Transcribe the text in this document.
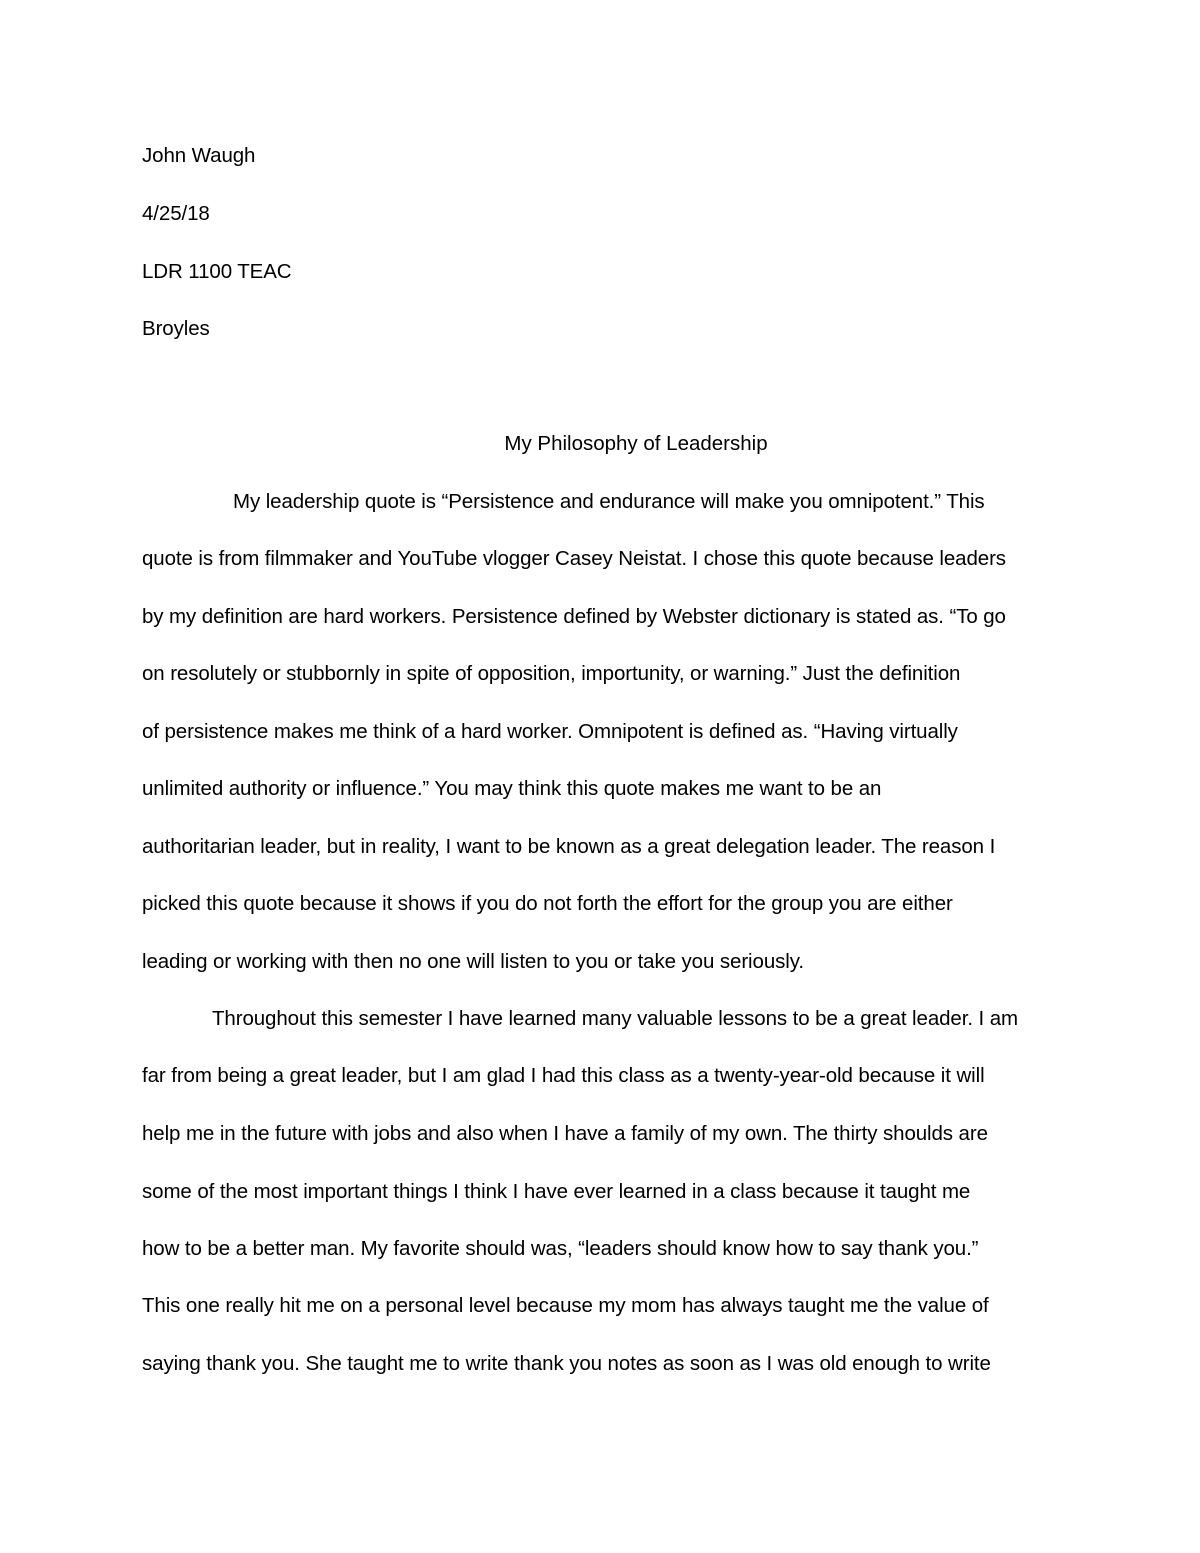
John Waugh
4/25/18
LDR 1100 TEAC
Broyles
My Philosophy of Leadership
My leadership quote is “Persistence and endurance will make you omnipotent.” This
quote is from filmmaker and YouTube vlogger Casey Neistat. I chose this quote because leaders
by my definition are hard workers. Persistence defined by Webster dictionary is stated as. “To go
on resolutely or stubbornly in spite of opposition, importunity, or warning.” Just the definition
of persistence makes me think of a hard worker. Omnipotent is defined as. “Having virtually
unlimited authority or influence.” You may think this quote makes me want to be an
authoritarian leader, but in reality, I want to be known as a great delegation leader. The reason I
picked this quote because it shows if you do not forth the effort for the group you are either
leading or working with then no one will listen to you or take you seriously.
Throughout this semester I have learned many valuable lessons to be a great leader. I am
far from being a great leader, but I am glad I had this class as a twenty-year-old because it will
help me in the future with jobs and also when I have a family of my own. The thirty shoulds are
some of the most important things I think I have ever learned in a class because it taught me
how to be a better man. My favorite should was, “leaders should know how to say thank you.”
This one really hit me on a personal level because my mom has always taught me the value of
saying thank you. She taught me to write thank you notes as soon as I was old enough to write
